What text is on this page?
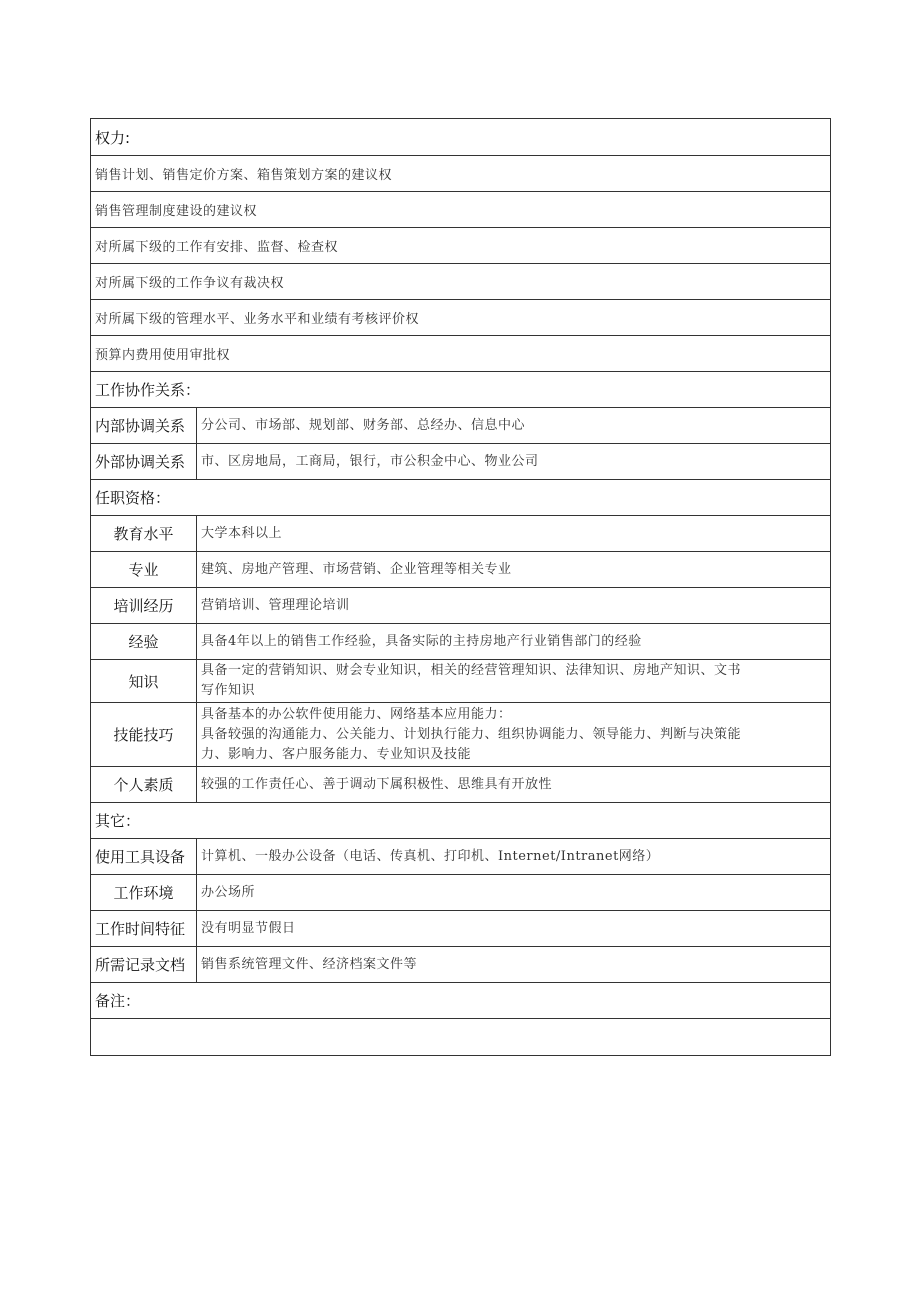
权力:	
销售计划、销售定价方案、箱售策划方案的建议权	
销售管理制度建设的建议权	
对所属下级的工作有安排、监督、检查权	
对所属下级的工作争议有裁决权	
对所属下级的管理水平、业务水平和业绩有考核评价权	
预算内费用使用审批权	
工作协作关系：	
内部协调关系	分公司、市场部、规划部、财务部、总经办、信息中心
外部协调关系	市、区房地局，工商局，银行，市公积金中心、物业公司
任职资格：	
教育水平	大学本科以上

专业	建筑、房地产管理、市场营销、企业管理等相关专业

培训经历	营销培训、管理理论培训

经验	具备4年以上的销售工作经验，具备实际的主持房地产行业销售部门的经验

知识	具备一定的营销知识、财会专业知识，相关的经营管理知识、法律知识、房地产知识、文书
写作知识

技能技巧	具备基本的办公软件使用能力、网络基本应用能力：
具备较强的沟通能力、公关能力、计划执行能力、组织协调能力、领导能力、判断与决策能
力、影响力、客户服务能力、专业知识及技能

个人素质	较强的工作责任心、善于调动下属积极性、思维具有开放性

其它：	
使用工具设备	计算机、一般办公设备（电话、传真机、打印机、Internet/Intranet网络）
工作环境	办公场所
工作时间特征	没有明显节假日
所需记录文档	销售系统管理文件、经济档案文件等
备注：	
